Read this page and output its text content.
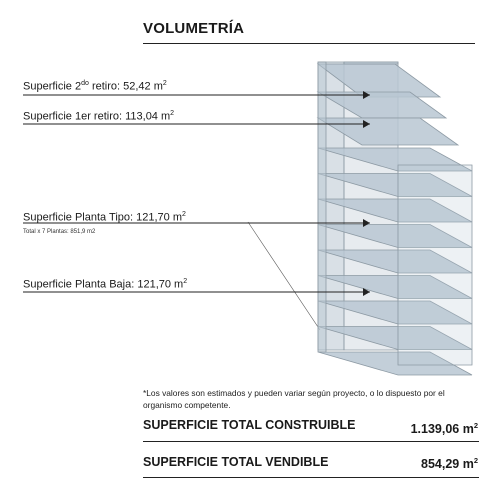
VOLUMETRÍA
Superficie $2^{do}$ retiro: 52,42 $m^2$
Superficie 1er retiro: 113,04 $m^2$
Superficie Planta Tipo: 121,70 $m^2$
Total x 7 Plantas: 851,9 m2
Superficie Planta Baja: 121,70 $m^2$
*Los valores son estimados y pueden variar según proyecto, o lo dispuesto por el organismo competente.
SUPERFICIE TOTAL CONSTRUIBLE	1.139,06 $m^2$
SUPERFICIE TOTAL VENDIBLE	854,29 $m^2$
